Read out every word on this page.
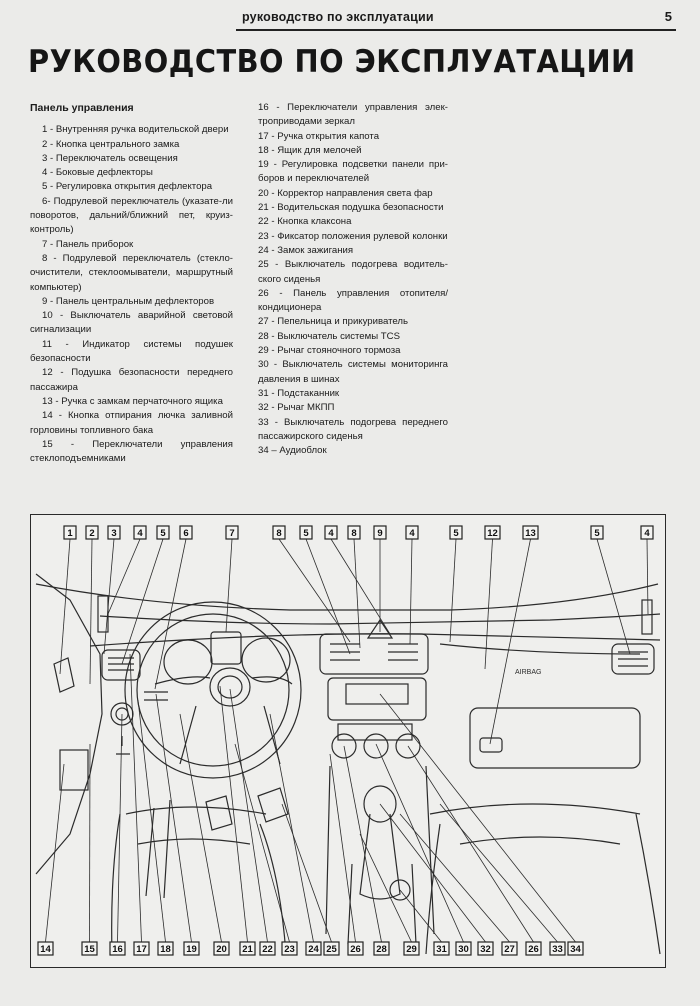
руководство по эксплуатации	5
РУКОВОДСТВО ПО ЭКСПЛУАТАЦИИ
Панель управления
1 - Внутренняя ручка водительской двери
2 - Кнопка центрального замка
3 - Переключатель освещения
4 - Боковые дефлекторы
5 - Регулировка открытия дефлектора
6- Подрулевой переключатель (указате-ли поворотов, дальний/ближний пет, круиз-контроль)
7 - Панель приборок
8 - Подрулевой переключатель (стекло-очистители, стеклоомыватели, маршрутный компьютер)
9 - Панель центральным дефлекторов
10 - Выключатель аварийной световой сигнализации
11 - Индикатор системы подушек безопасности
12 - Подушка безопасности переднего пассажира
13 - Ручка с замкам перчаточного ящика
14 - Кнопка отпирания лючка заливной горловины топливного бака
15 - Переключатели управления стеклоподъемниками
16 - Переключатели управления элек-троприводами зеркал
17 - Ручка открытия капота
18 - Ящик для мелочей
19 - Регулировка подсветки панели при-боров и переключателей
20 - Корректор направления света фар
21 - Водительская подушка безопасности
22 - Кнопка клаксона
23 - Фиксатор положения рулевой колонки
24 - Замок зажигания
25 - Выключатель подогрева водитель-ского сиденья
26 - Панель управления отопителя/кондиционера
27 - Пепельница и прикуриватель
28 - Выключатель системы TCS
29 - Рычаг стояночного тормоза
30 - Выключатель системы мониторинга давления в шинах
31 - Подстаканник
32 - Рычаг МКПП
33 - Выключатель подогрева переднего пассажирского сиденья
34 – Аудиоблок
AIRBAG
1 2 3 4 5 6	7	8 5 4 8 9	4	5	12	13	5	4
14	15 16 17 18 19 20 21 22 23 24 25 26 28 29 31 30 32 27 26 33 34
